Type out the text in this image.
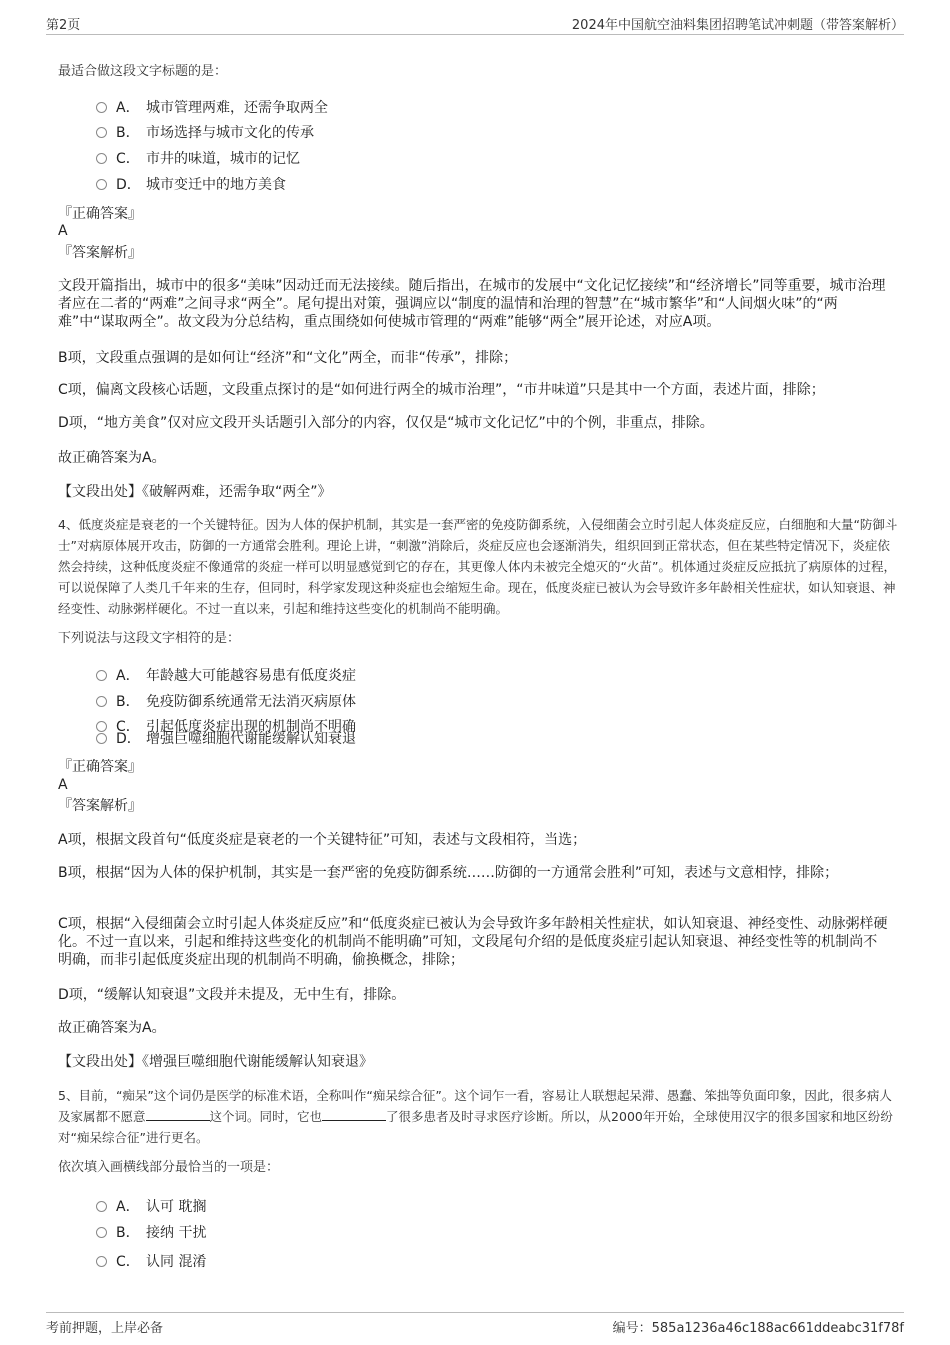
第2页	2024年中国航空油料集团招聘笔试冲刺题（带答案解析）
最适合做这段文字标题的是：
A． 城市管理两难，还需争取两全
B． 市场选择与城市文化的传承
C． 市井的味道，城市的记忆
D． 城市变迁中的地方美食
『正确答案』
A
『答案解析』
文段开篇指出，城市中的很多“美味”因动迁而无法接续。随后指出，在城市的发展中“文化记忆接续”和“经济增长”同等重要，城市治理者应在二者的“两难”之间寻求“两全”。尾句提出对策，强调应以“制度的温情和治理的智慧”在“城市繁华”和“人间烟火味”的“两难”中“谋取两全”。故文段为分总结构，重点围绕如何使城市管理的“两难”能够“两全”展开论述，对应A项。
B项，文段重点强调的是如何让“经济”和“文化”两全，而非“传承”，排除；
C项，偏离文段核心话题，文段重点探讨的是“如何进行两全的城市治理”，“市井味道”只是其中一个方面，表述片面，排除；
D项，“地方美食”仅对应文段开头话题引入部分的内容，仅仅是“城市文化记忆”中的个例，非重点，排除。
故正确答案为A。
【文段出处】《破解两难，还需争取“两全”》
4、低度炎症是衰老的一个关键特征。因为人体的保护机制，其实是一套严密的免疫防御系统，入侵细菌会立时引起人体炎症反应，白细胞和大量“防御斗士”对病原体展开攻击，防御的一方通常会胜利。理论上讲，“刺激”消除后，炎症反应也会逐渐消失，组织回到正常状态，但在某些特定情况下，炎症依然会持续，这种低度炎症不像通常的炎症一样可以明显感觉到它的存在，其更像人体内未被完全熄灭的“火苗”。机体通过炎症反应抵抗了病原体的过程，可以说保障了人类几千年来的生存，但同时，科学家发现这种炎症也会缩短生命。现在，低度炎症已被认为会导致许多年龄相关性症状，如认知衰退、神经变性、动脉粥样硬化。不过一直以来，引起和维持这些变化的机制尚不能明确。
下列说法与这段文字相符的是：
A． 年龄越大可能越容易患有低度炎症
B． 免疫防御系统通常无法消灭病原体
C． 引起低度炎症出现的机制尚不明确
D． 增强巨噬细胞代谢能缓解认知衰退
『正确答案』
A
『答案解析』
A项，根据文段首句“低度炎症是衰老的一个关键特征”可知，表述与文段相符，当选；
B项，根据“因为人体的保护机制，其实是一套严密的免疫防御系统……防御的一方通常会胜利”可知，表述与文意相悖，排除；
C项，根据“入侵细菌会立时引起人体炎症反应”和“低度炎症已被认为会导致许多年龄相关性症状，如认知衰退、神经变性、动脉粥样硬化。不过一直以来，引起和维持这些变化的机制尚不能明确”可知，文段尾句介绍的是低度炎症引起认知衰退、神经变性等的机制尚不明确，而非引起低度炎症出现的机制尚不明确，偷换概念，排除；
D项，“缓解认知衰退”文段并未提及，无中生有，排除。
故正确答案为A。
【文段出处】《增强巨噬细胞代谢能缓解认知衰退》
5、目前，“痴呆”这个词仍是医学的标准术语，全称叫作“痴呆综合征”。这个词乍一看，容易让人联想起呆滞、愚蠢、笨拙等负面印象，因此，很多病人及家属都不愿意	这个词。同时，它也	了很多患者及时寻求医疗诊断。所以，从2000年开始，全球使用汉字的很多国家和地区纷纷对“痴呆综合征”进行更名。
依次填入画横线部分最恰当的一项是：
A． 认可 耽搁
B． 接纳 干扰
C． 认同 混淆
考前押题，上岸必备	编号：585a1236a46c188ac661ddeabc31f78f
